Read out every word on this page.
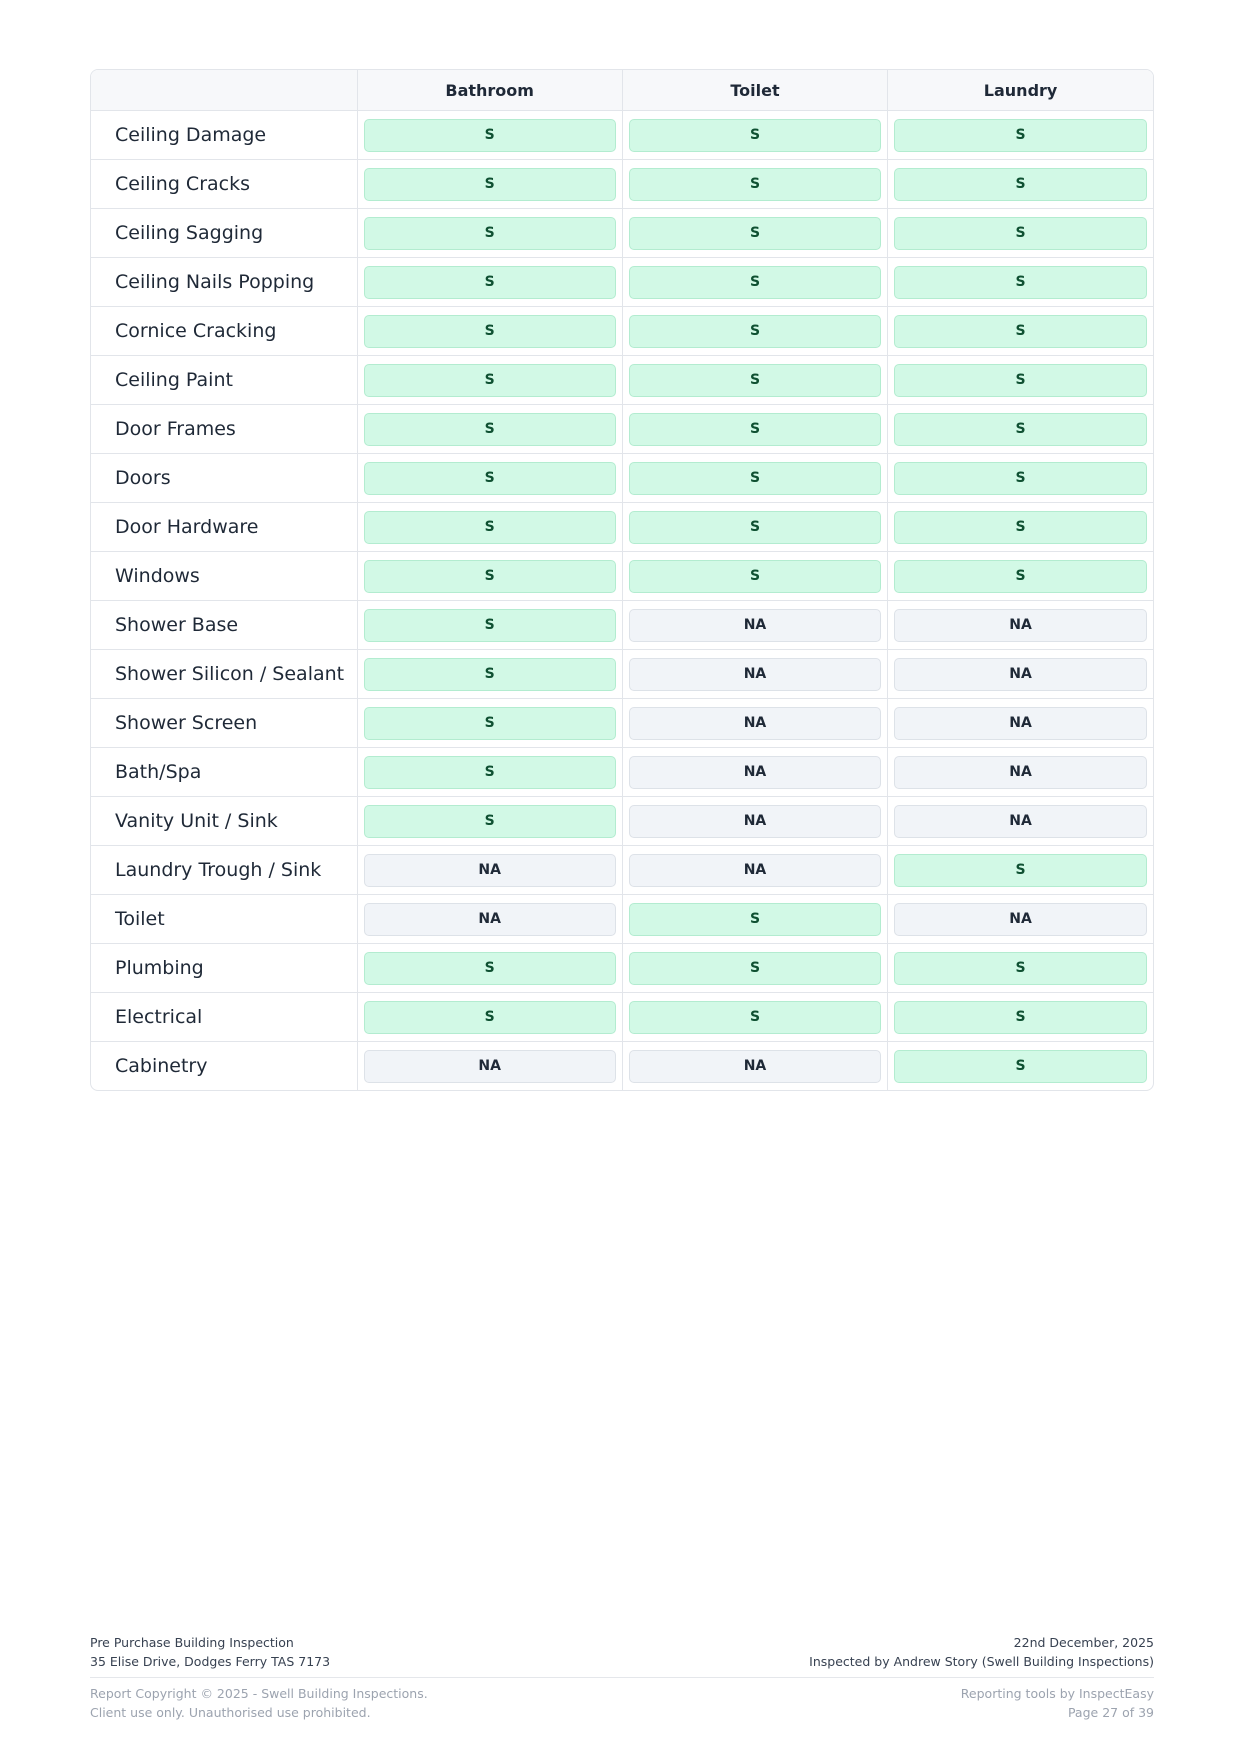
	Bathroom	Toilet	Laundry
Ceiling Damage	S	S	S

Ceiling Cracks	S	S	S

Ceiling Sagging	S	S	S

Ceiling Nails Popping	S	S	S

Cornice Cracking	S	S	S

Ceiling Paint	S	S	S

Door Frames	S	S	S

Doors	S	S	S

Door Hardware	S	S	S

Windows	S	S	S

Shower Base	S	NA	NA

Shower Silicon / Sealant	S	NA	NA

Shower Screen	S	NA	NA

Bath/Spa	S	NA	NA

Vanity Unit / Sink	S	NA	NA

Laundry Trough / Sink	NA	NA	S

Toilet	NA	S	NA

Plumbing	S	S	S

Electrical	S	S	S

Cabinetry	NA	NA	S
Pre Purchase Building Inspection
35 Elise Drive, Dodges Ferry TAS 7173
22nd December, 2025
Inspected by Andrew Story (Swell Building Inspections)
Report Copyright © 2025 - Swell Building Inspections.
Client use only. Unauthorised use prohibited.
Reporting tools by InspectEasy
Page 27 of 39
